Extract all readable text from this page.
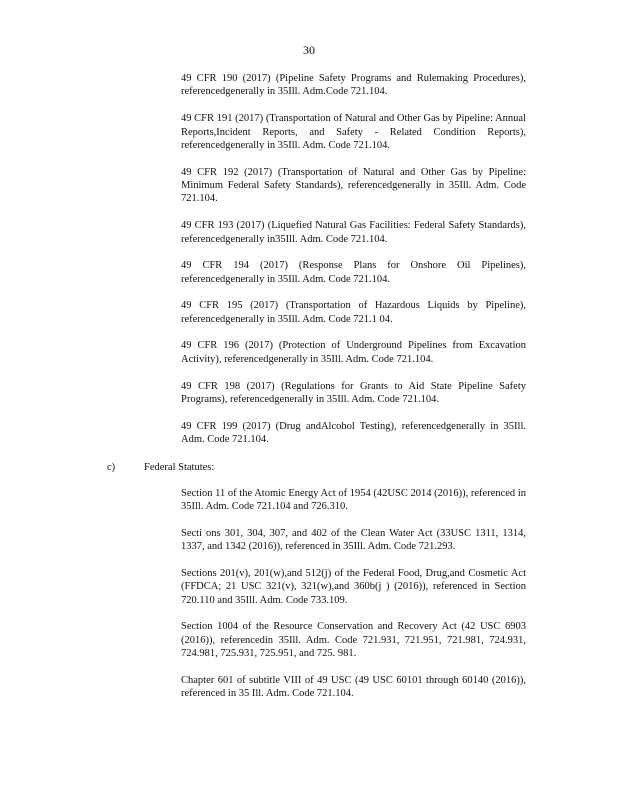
30

49 CFR 190 (2017) (Pipeline Safety Programs and Rulemaking Procedures), referencedgenerally in 35Ill. Adm.Code 721.104.

49 CFR 191 (2017) (Transportation of Natural and Other Gas by Pipeline: Annual Reports,Incident Reports, and Safety - Related Condition Reports), referencedgenerally in 35Ill. Adm. Code 721.104.

49 CFR 192 (2017) (Transportation of Natural and Other Gas by Pipeline: Minimum Federal Safety Standards), referencedgenerally in 35Ill. Adm. Code 721.104.

49 CFR 193 (2017) (Liquefied Natural Gas Facilities: Federal Safety Standards), referencedgenerally in35Ill. Adm. Code 721.104.

49 CFR 194 (2017) (Response Plans for Onshore Oil Pipelines), referencedgenerally in 35Ill. Adm. Code 721.104.

49 CFR 195 (2017) (Transportation of Hazardous Liquids by Pipeline), referencedgenerally in 35Ill. Adm. Code 721.1 04.

49 CFR 196 (2017) (Protection of Underground Pipelines from Excavation Activity), referencedgenerally in 35Ill. Adm. Code 721.104.

49 CFR 198 (2017) (Regulations for Grants to Aid State Pipeline Safety Programs), referencedgenerally in 35Ill. Adm. Code 721.104.

49 CFR 199 (2017) (Drug andAlcohol Testing), referencedgenerally in 35Ill. Adm. Code 721.104.

c)	Federal Statutes:

Section 11 of the Atomic Energy Act of 1954 (42USC 2014 (2016)), referenced in 35Ill. Adm. Code 721.104 and 726.310.

Secti ons 301, 304, 307, and 402 of the Clean Water Act (33USC 1311, 1314, 1337, and 1342 (2016)), referenced in 35Ill. Adm. Code 721.293.

Sections 201(v), 201(w),and 512(j) of the Federal Food, Drug,and Cosmetic Act (FFDCA; 21 USC 321(v), 321(w),and 360b(j ) (2016)), referenced in Section 720.110 and 35Ill. Adm. Code 733.109.

Section 1004 of the Resource Conservation and Recovery Act (42 USC 6903 (2016)), referencedin 35Ill. Adm. Code 721.931, 721.951, 721.981, 724.931, 724.981, 725.931, 725.951, and 725. 981.

Chapter 601 of subtitle VIII of 49 USC (49 USC 60101 through 60140 (2016)), referenced in 35 Ill. Adm. Code 721.104.
